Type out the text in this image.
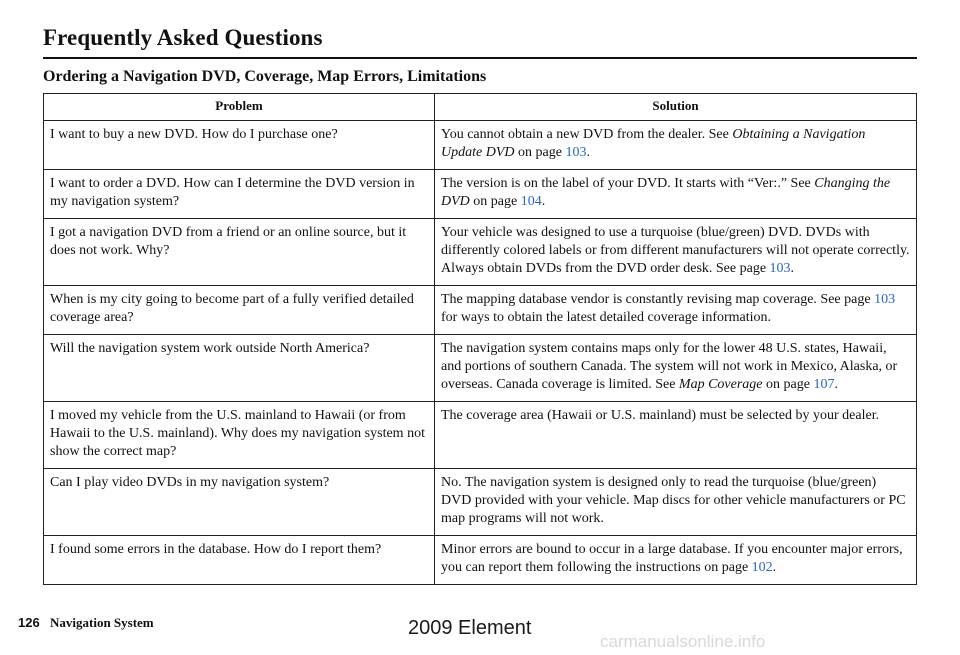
Frequently Asked Questions
Ordering a Navigation DVD, Coverage, Map Errors, Limitations
Problem	Solution
I want to buy a new DVD. How do I purchase one?	You cannot obtain a new DVD from the dealer. See Obtaining a Navigation Update DVD on page 103.
I want to order a DVD. How can I determine the DVD version in my navigation system?	The version is on the label of your DVD. It starts with “Ver:.” See Changing the DVD on page 104.
I got a navigation DVD from a friend or an online source, but it does not work. Why?	Your vehicle was designed to use a turquoise (blue/green) DVD. DVDs with differently colored labels or from different manufacturers will not operate correctly. Always obtain DVDs from the DVD order desk. See page 103.
When is my city going to become part of a fully verified detailed coverage area?	The mapping database vendor is constantly revising map coverage. See page 103 for ways to obtain the latest detailed coverage information.
Will the navigation system work outside North America?	The navigation system contains maps only for the lower 48 U.S. states, Hawaii, and portions of southern Canada. The system will not work in Mexico, Alaska, or overseas. Canada coverage is limited. See Map Coverage on page 107.
I moved my vehicle from the U.S. mainland to Hawaii (or from Hawaii to the U.S. mainland). Why does my navigation system not show the correct map?	The coverage area (Hawaii or U.S. mainland) must be selected by your dealer.
Can I play video DVDs in my navigation system?	No. The navigation system is designed only to read the turquoise (blue/green) DVD provided with your vehicle. Map discs for other vehicle manufacturers or PC map programs will not work.
I found some errors in the database. How do I report them?	Minor errors are bound to occur in a large database. If you encounter major errors, you can report them following the instructions on page 102.
126 Navigation System	2009 Element
carmanualsonline.info
